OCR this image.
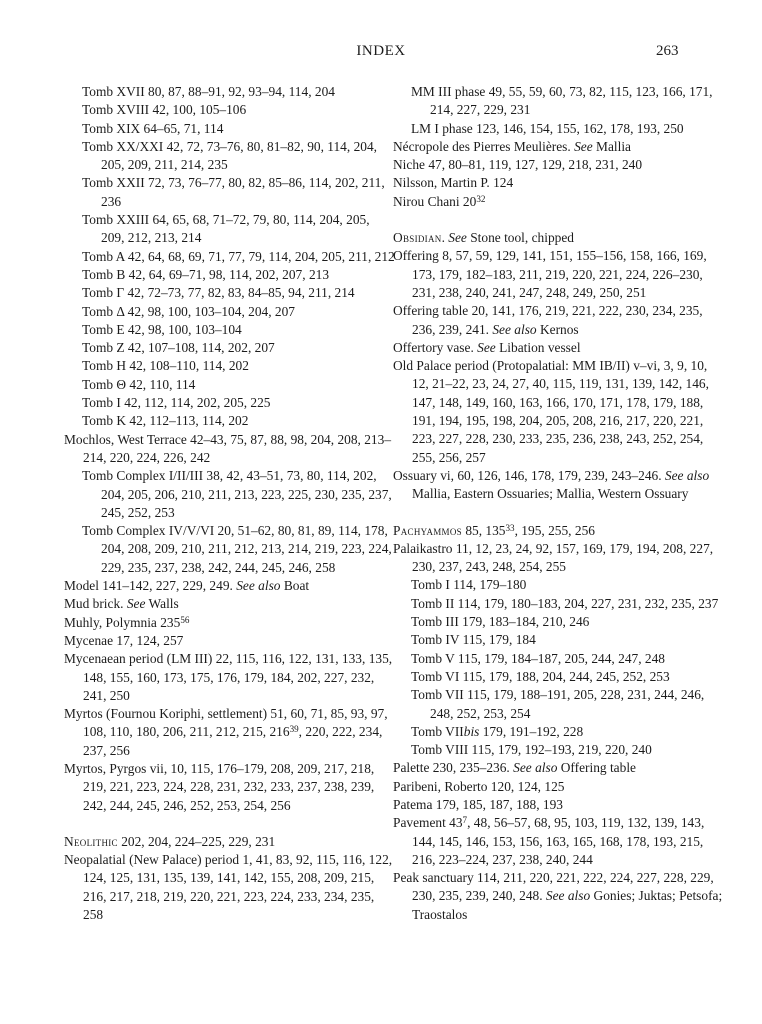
INDEX	263

Tomb XVII 80, 87, 88–91, 92, 93–94, 114, 204

Tomb XVIII 42, 100, 105–106

Tomb XIX 64–65, 71, 114

Tomb XX/XXI 42, 72, 73–76, 80, 81–82, 90, 114, 204, 205, 209, 211, 214, 235

Tomb XXII 72, 73, 76–77, 80, 82, 85–86, 114, 202, 211, 236

Tomb XXIII 64, 65, 68, 71–72, 79, 80, 114, 204, 205, 209, 212, 213, 214

Tomb A 42, 64, 68, 69, 71, 77, 79, 114, 204, 205, 211, 212

Tomb B 42, 64, 69–71, 98, 114, 202, 207, 213

Tomb Γ 42, 72–73, 77, 82, 83, 84–85, 94, 211, 214

Tomb Δ 42, 98, 100, 103–104, 204, 207

Tomb E 42, 98, 100, 103–104

Tomb Z 42, 107–108, 114, 202, 207

Tomb H 42, 108–110, 114, 202

Tomb Θ 42, 110, 114

Tomb I 42, 112, 114, 202, 205, 225

Tomb K 42, 112–113, 114, 202

Mochlos, West Terrace 42–43, 75, 87, 88, 98, 204, 208, 213–214, 220, 224, 226, 242

Tomb Complex I/II/III 38, 42, 43–51, 73, 80, 114, 202, 204, 205, 206, 210, 211, 213, 223, 225, 230, 235, 237, 245, 252, 253

Tomb Complex IV/V/VI 20, 51–62, 80, 81, 89, 114, 178, 204, 208, 209, 210, 211, 212, 213, 214, 219, 223, 224, 229, 235, 237, 238, 242, 244, 245, 246, 258

Model 141–142, 227, 229, 249. See also Boat

Mud brick. See Walls

Muhly, Polymnia $235^{56}$

Mycenae 17, 124, 257

Mycenaean period (LM III) 22, 115, 116, 122, 131, 133, 135, 148, 155, 160, 173, 175, 176, 179, 184, 202, 227, 232, 241, 250

Myrtos (Fournou Koriphi, settlement) 51, 60, 71, 85, 93, 97, 108, 110, 180, 206, 211, 212, 215, $216^{39}$, 220, 222, 234, 237, 256

Myrtos, Pyrgos vii, 10, 115, 176–179, 208, 209, 217, 218, 219, 221, 223, 224, 228, 231, 232, 233, 237, 238, 239, 242, 244, 245, 246, 252, 253, 254, 256

Neolithic 202, 204, 224–225, 229, 231

Neopalatial (New Palace) period 1, 41, 83, 92, 115, 116, 122, 124, 125, 131, 135, 139, 141, 142, 155, 208, 209, 215, 216, 217, 218, 219, 220, 221, 223, 224, 233, 234, 235, 258

MM III phase 49, 55, 59, 60, 73, 82, 115, 123, 166, 171, 214, 227, 229, 231

LM I phase 123, 146, 154, 155, 162, 178, 193, 250

Nécropole des Pierres Meulières. See Mallia

Niche 47, 80–81, 119, 127, 129, 218, 231, 240

Nilsson, Martin P. 124

Nirou Chani $20^{32}$

Obsidian. See Stone tool, chipped

Offering 8, 57, 59, 129, 141, 151, 155–156, 158, 166, 169, 173, 179, 182–183, 211, 219, 220, 221, 224, 226–230, 231, 238, 240, 241, 247, 248, 249, 250, 251

Offering table 20, 141, 176, 219, 221, 222, 230, 234, 235, 236, 239, 241. See also Kernos

Offertory vase. See Libation vessel

Old Palace period (Protopalatial: MM IB/II) v–vi, 3, 9, 10, 12, 21–22, 23, 24, 27, 40, 115, 119, 131, 139, 142, 146, 147, 148, 149, 160, 163, 166, 170, 171, 178, 179, 188, 191, 194, 195, 198, 204, 205, 208, 216, 217, 220, 221, 223, 227, 228, 230, 233, 235, 236, 238, 243, 252, 254, 255, 256, 257

Ossuary vi, 60, 126, 146, 178, 179, 239, 243–246. See also Mallia, Eastern Ossuaries; Mallia, Western Ossuary

Pachyammos 85, $135^{33}$, 195, 255, 256

Palaikastro 11, 12, 23, 24, 92, 157, 169, 179, 194, 208, 227, 230, 237, 243, 248, 254, 255

Tomb I 114, 179–180

Tomb II 114, 179, 180–183, 204, 227, 231, 232, 235, 237

Tomb III 179, 183–184, 210, 246

Tomb IV 115, 179, 184

Tomb V 115, 179, 184–187, 205, 244, 247, 248

Tomb VI 115, 179, 188, 204, 244, 245, 252, 253

Tomb VII 115, 179, 188–191, 205, 228, 231, 244, 246, 248, 252, 253, 254

Tomb VIIbis 179, 191–192, 228

Tomb VIII 115, 179, 192–193, 219, 220, 240

Palette 230, 235–236. See also Offering table

Paribeni, Roberto 120, 124, 125

Patema 179, 185, 187, 188, 193

Pavement $43^7$, 48, 56–57, 68, 95, 103, 119, 132, 139, 143, 144, 145, 146, 153, 156, 163, 165, 168, 178, 193, 215, 216, 223–224, 237, 238, 240, 244

Peak sanctuary 114, 211, 220, 221, 222, 224, 227, 228, 229, 230, 235, 239, 240, 248. See also Gonies; Juktas; Petsofa; Traostalos
